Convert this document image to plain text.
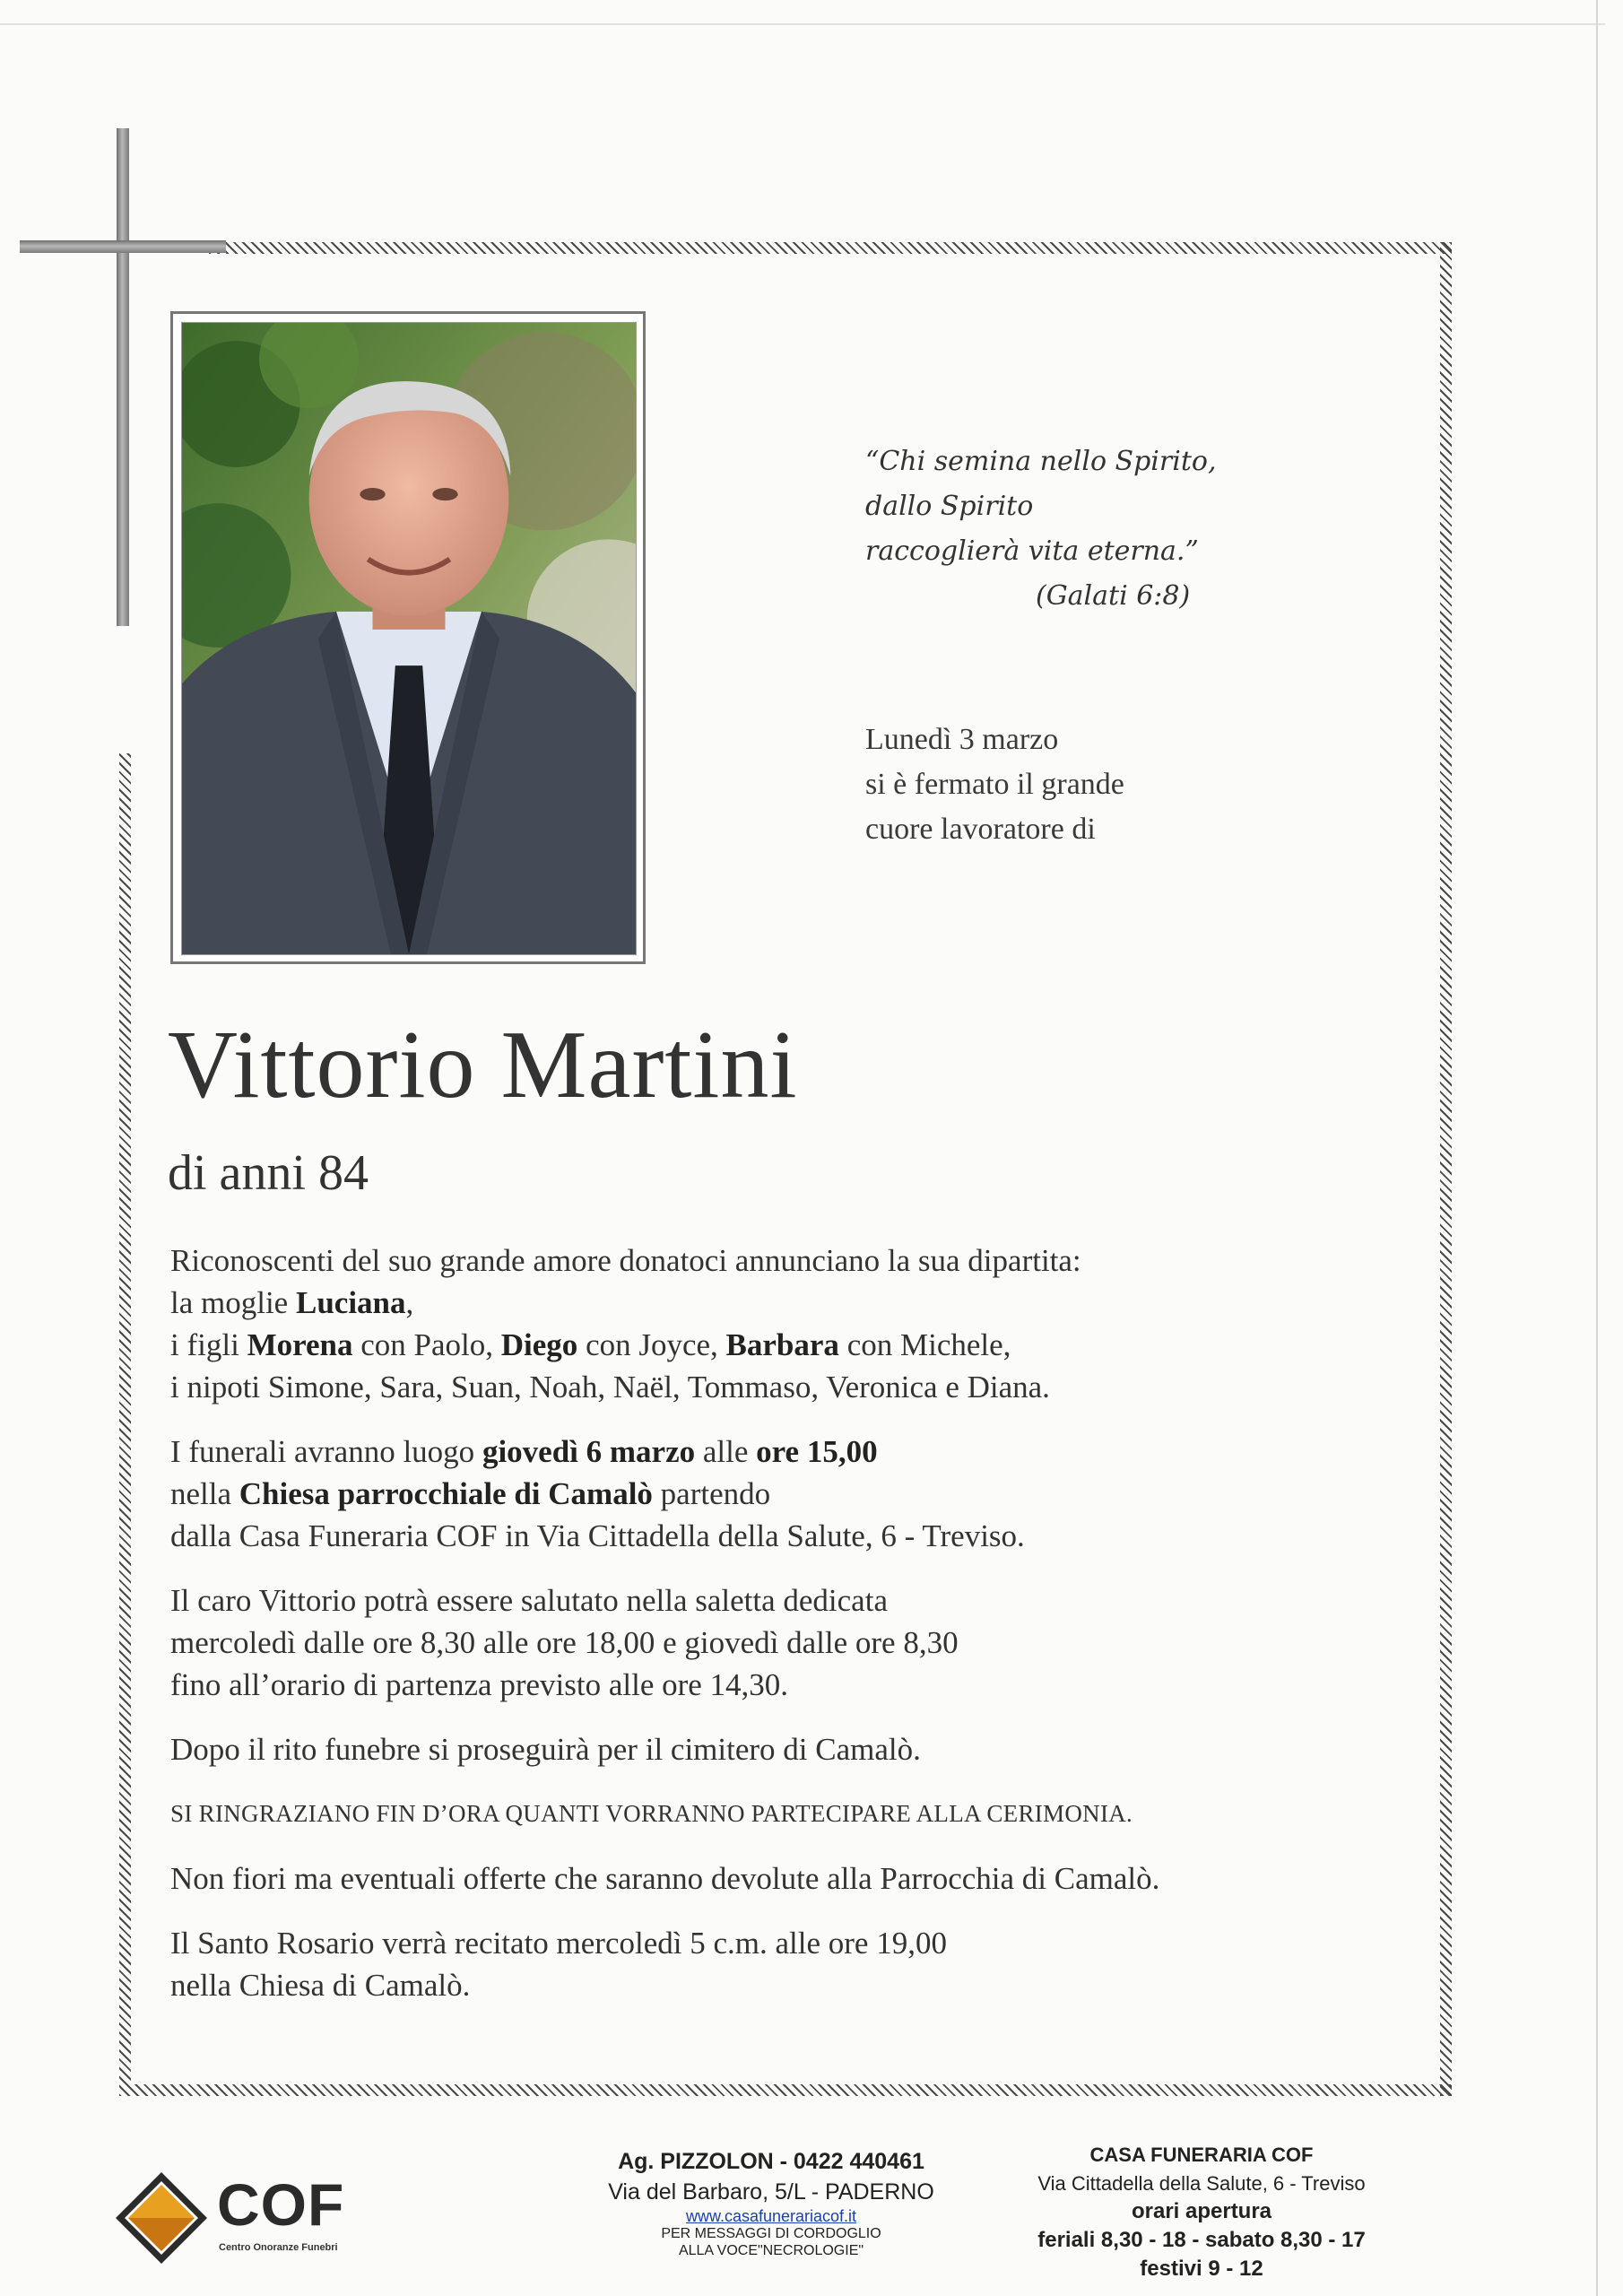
“Chi semina nello Spirito,
dallo Spirito
raccoglierà vita eterna.”
(Galati 6:8)
Lunedì 3 marzo
si è fermato il grande
cuore lavoratore di
Vittorio Martini
di anni 84

Riconoscenti del suo grande amore donatoci annunciano la sua dipartita:
la moglie Luciana,
i figli Morena con Paolo, Diego con Joyce, Barbara con Michele,
i nipoti Simone, Sara, Suan, Noah, Naël, Tommaso, Veronica e Diana.

I funerali avranno luogo giovedì 6 marzo alle ore 15,00
nella Chiesa parrocchiale di Camalò partendo
dalla Casa Funeraria COF in Via Cittadella della Salute, 6 - Treviso.

Il caro Vittorio potrà essere salutato nella saletta dedicata
mercoledì dalle ore 8,30 alle ore 18,00 e giovedì dalle ore 8,30
fino all’orario di partenza previsto alle ore 14,30.

Dopo il rito funebre si proseguirà per il cimitero di Camalò.

SI RINGRAZIANO FIN D’ORA QUANTI VORRANNO PARTECIPARE ALLA CERIMONIA.

Non fiori ma eventuali offerte che saranno devolute alla Parrocchia di Camalò.

Il Santo Rosario verrà recitato mercoledì 5 c.m. alle ore 19,00
nella Chiesa di Camalò.

COF
Centro Onoranze Funebri
Ag. PIZZOLON - 0422 440461
Via del Barbaro, 5/L - PADERNO
www.casafunerariacof.it
PER MESSAGGI DI CORDOGLIO
ALLA VOCE"NECROLOGIE"
CASA FUNERARIA COF
Via Cittadella della Salute, 6 - Treviso
orari apertura
feriali 8,30 - 18 - sabato 8,30 - 17
festivi 9 - 12
